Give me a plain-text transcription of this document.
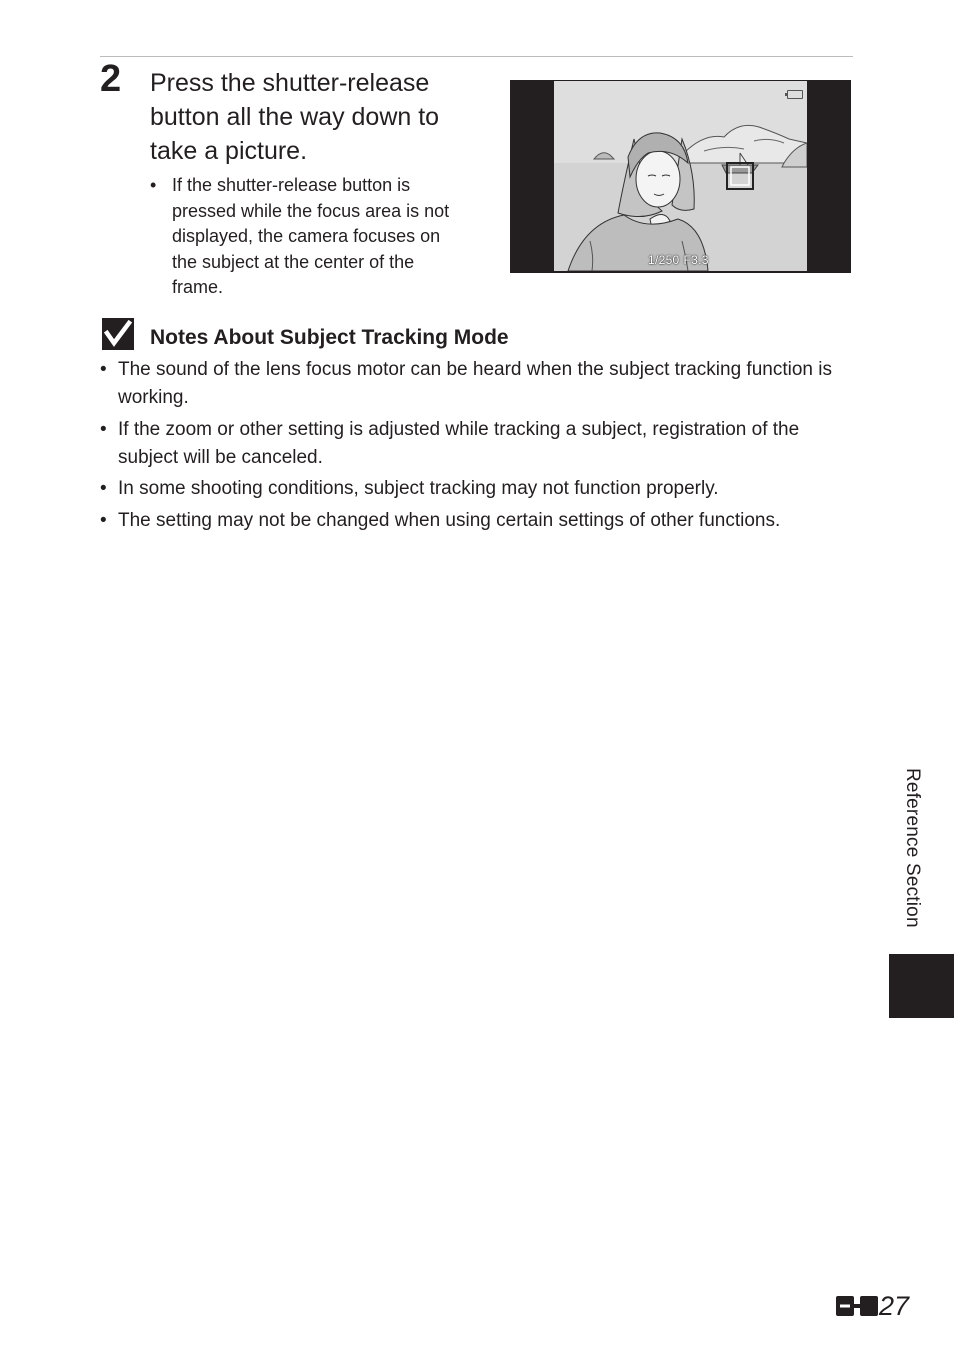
2 Press the shutter-release button all the way down to take a picture.
• If the shutter-release button is pressed while the focus area is not displayed, the camera focuses on the subject at the center of the frame.
1/250 F3.3
Notes About Subject Tracking Mode
• The sound of the lens focus motor can be heard when the subject tracking function is working.
• If the zoom or other setting is adjusted while tracking a subject, registration of the subject will be canceled.
• In some shooting conditions, subject tracking may not function properly.
• The setting may not be changed when using certain settings of other functions.
Reference Section
27
